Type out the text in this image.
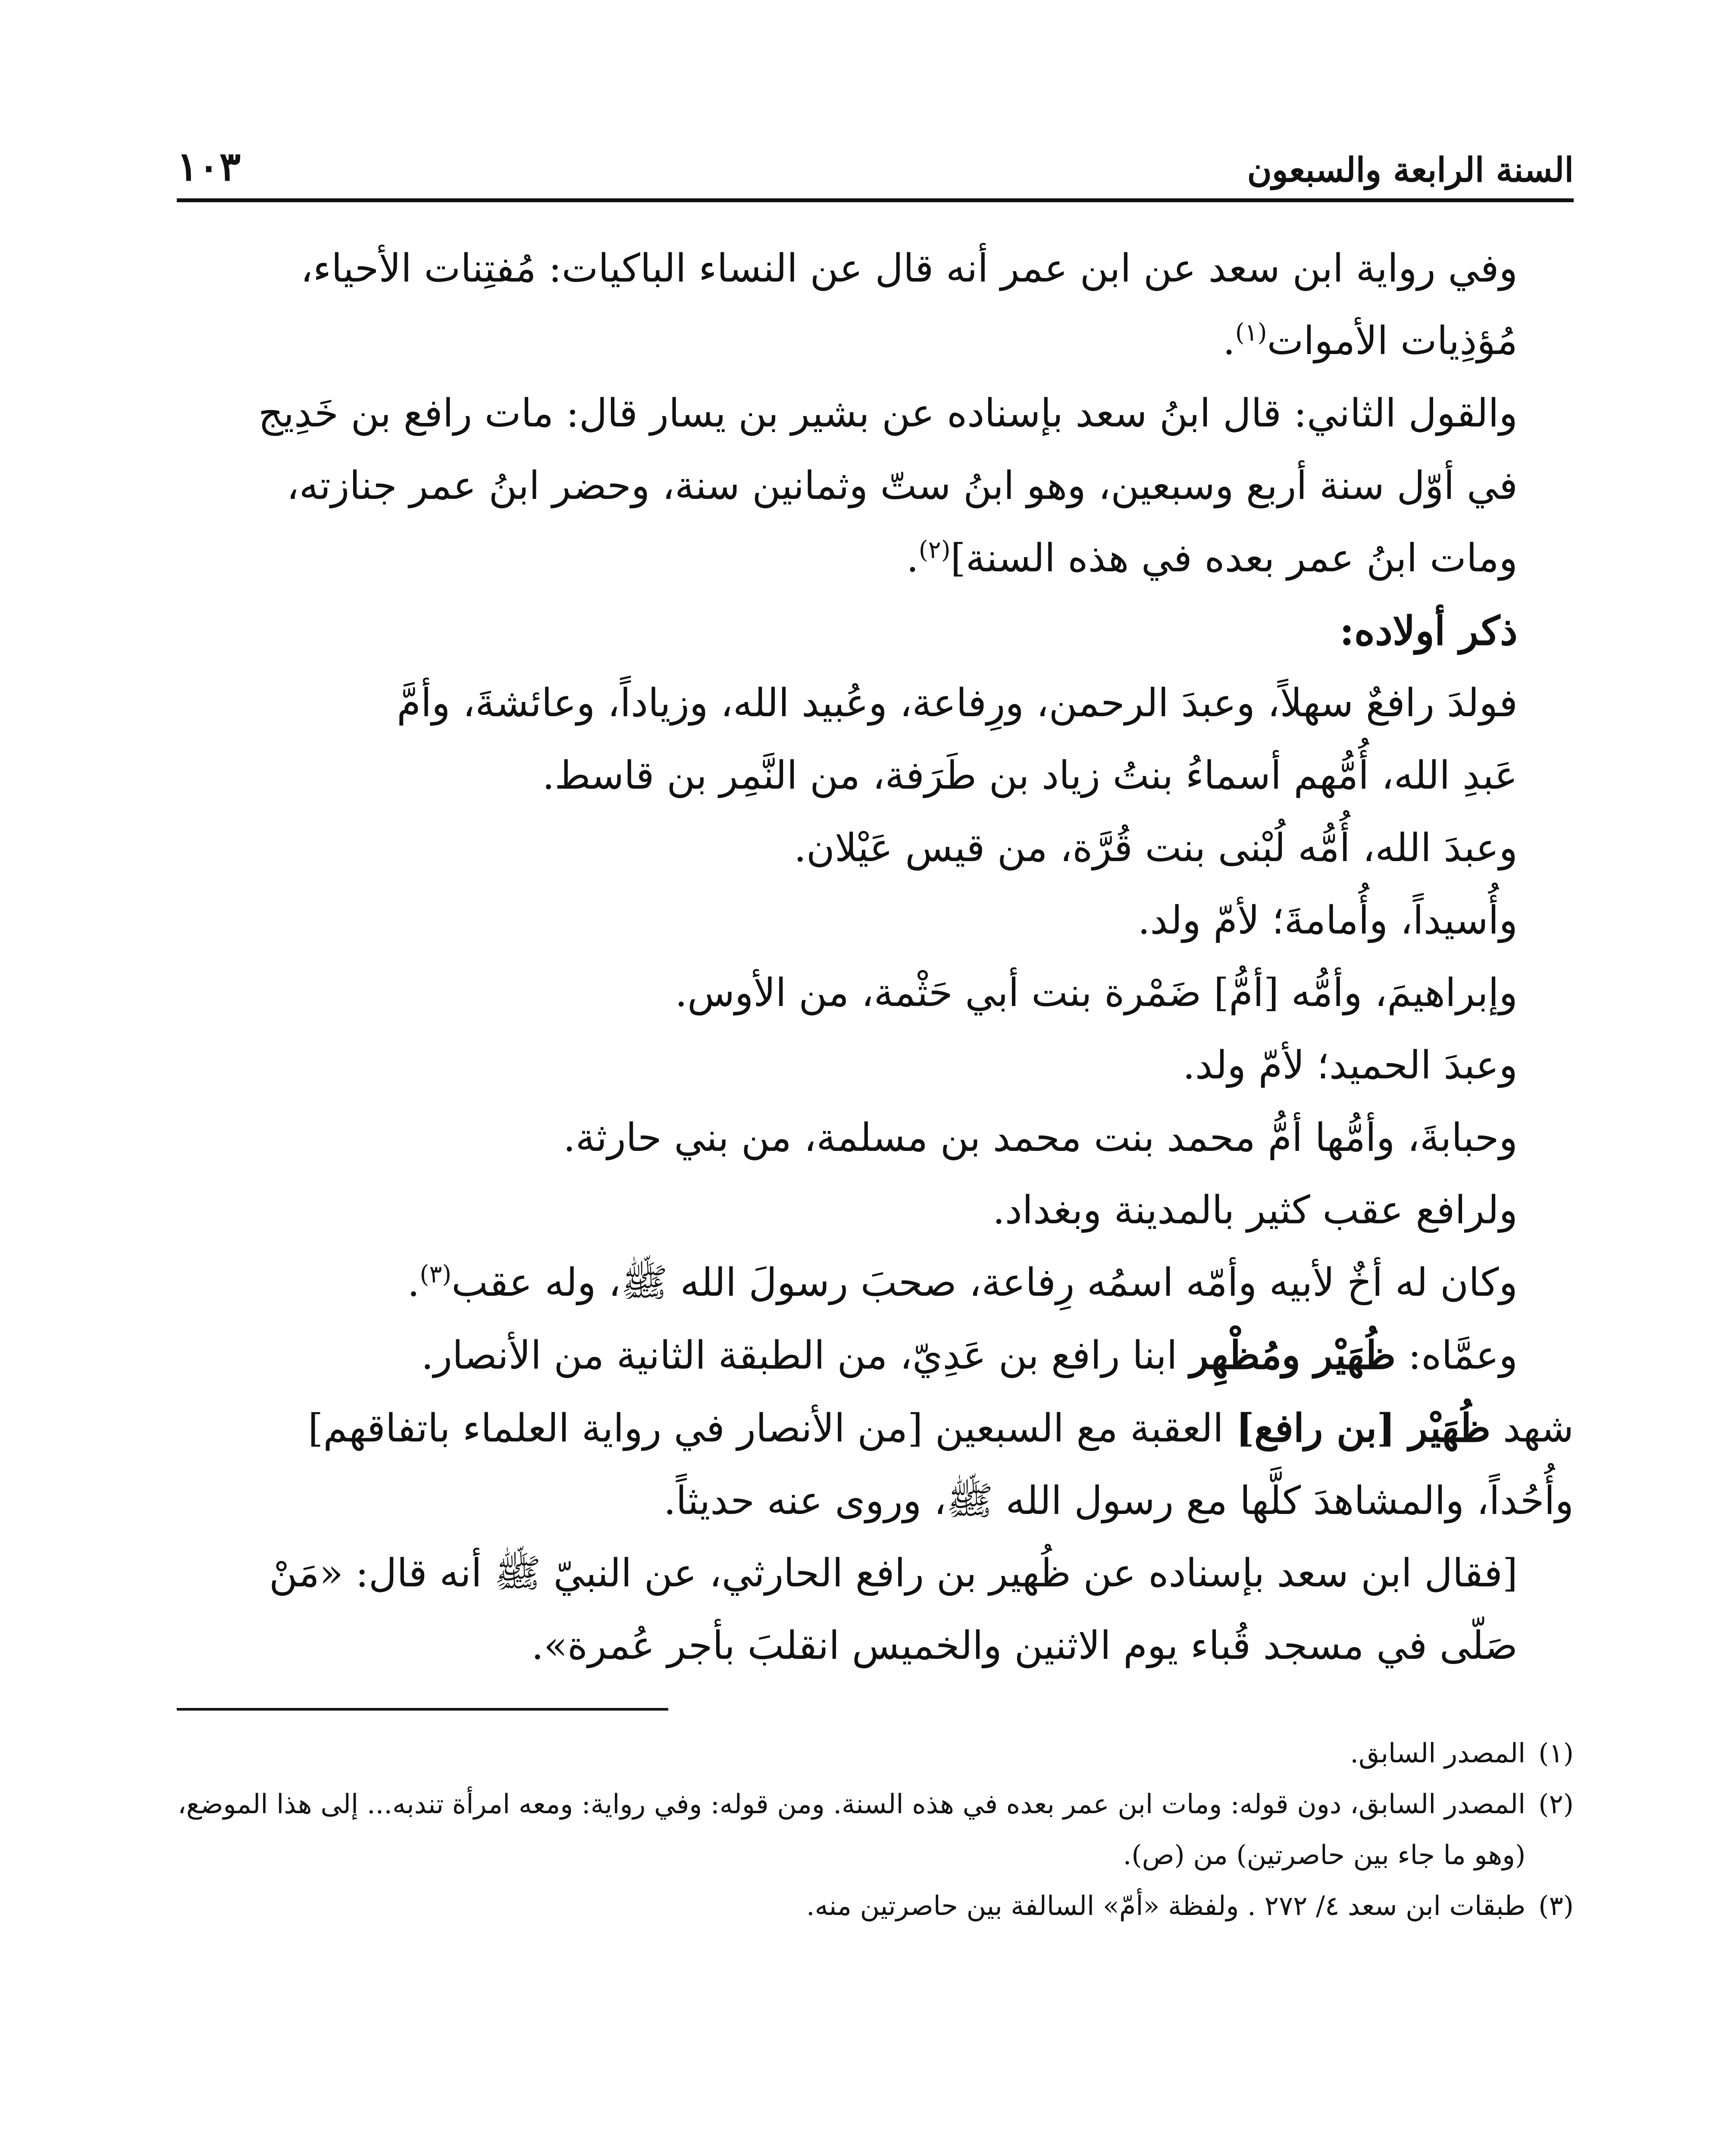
السنة الرابعة والسبعون
١٠٣

وفي رواية ابن سعد عن ابن عمر أنه قال عن النساء الباكيات: مُفتِنات الأحياء،
مُؤذِيات الأموات$^{(١)}$.

والقول الثاني: قال ابنُ سعد بإسناده عن بشير بن يسار قال: مات رافع بن خَدِيج
في أوّل سنة أربع وسبعين، وهو ابنُ ستّ وثمانين سنة، وحضر ابنُ عمر جنازته،
ومات ابنُ عمر بعده في هذه السنة]$^{(٢)}$.

ذكر أولاده:

فولدَ رافعٌ سهلاً، وعبدَ الرحمن، ورِفاعة، وعُبيد الله، وزياداً، وعائشةَ، وأمَّ
عَبدِ الله، أُمُّهم أسماءُ بنتُ زياد بن طَرَفة، من النَّمِر بن قاسط.

وعبدَ الله، أُمُّه لُبْنى بنت قُرَّة، من قيس عَيْلان.

وأُسيداً، وأُمامةَ؛ لأمّ ولد.

وإبراهيمَ، وأمُّه [أمُّ] ضَمْرة بنت أبي حَثْمة، من الأوس.

وعبدَ الحميد؛ لأمّ ولد.

وحبابةَ، وأمُّها أمُّ محمد بنت محمد بن مسلمة، من بني حارثة.

ولرافع عقب كثير بالمدينة وبغداد.

وكان له أخٌ لأبيه وأمّه اسمُه رِفاعة، صحبَ رسولَ الله ﷺ، وله عقب$^{(٣)}$.

وعمَّاه: ظُهَيْر ومُظْهِر ابنا رافع بن عَدِيّ، من الطبقة الثانية من الأنصار.

شهد ظُهَيْر [بن رافع] العقبة مع السبعين [من الأنصار في رواية العلماء باتفاقهم]
وأُحُداً، والمشاهدَ كلَّها مع رسول الله ﷺ، وروى عنه حديثاً.

[فقال ابن سعد بإسناده عن ظُهير بن رافع الحارثي، عن النبيّ ﷺ أنه قال: «مَنْ
صَلّى في مسجد قُباء يوم الاثنين والخميس انقلبَ بأجر عُمرة».

(١)
المصدر السابق.
(٢)
المصدر السابق، دون قوله: ومات ابن عمر بعده في هذه السنة. ومن قوله: وفي رواية: ومعه امرأة تندبه... إلى هذا الموضع، (وهو ما جاء بين حاصرتين) من (ص).
(٣)
طبقات ابن سعد ٤/ ٢٧٢ . ولفظة «أمّ» السالفة بين حاصرتين منه.
